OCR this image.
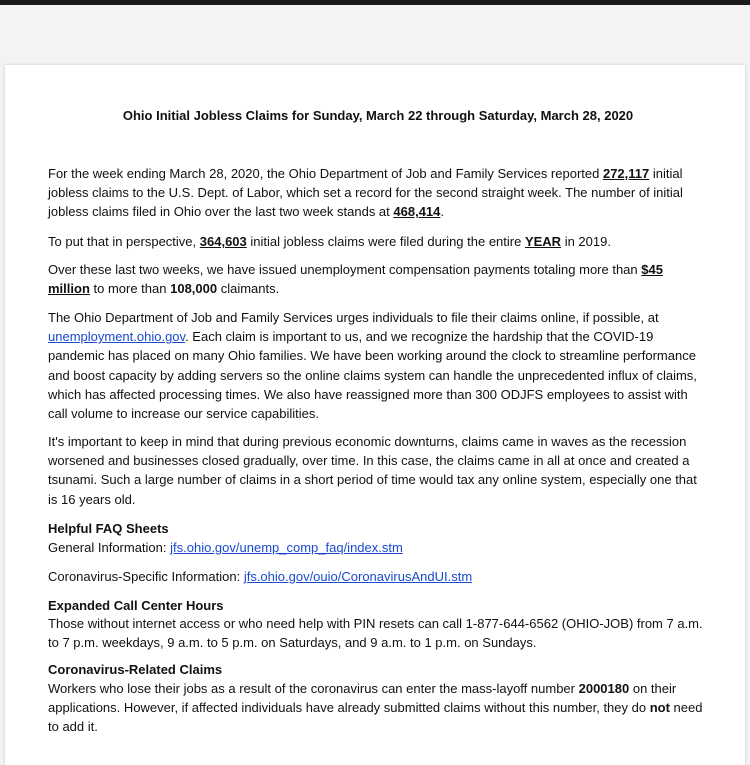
Ohio Initial Jobless Claims for Sunday, March 22 through Saturday, March 28, 2020

For the week ending March 28, 2020, the Ohio Department of Job and Family Services reported 272,117 initial jobless claims to the U.S. Dept. of Labor, which set a record for the second straight week. The number of initial jobless claims filed in Ohio over the last two week stands at 468,414.

To put that in perspective, 364,603 initial jobless claims were filed during the entire YEAR in 2019.

Over these last two weeks, we have issued unemployment compensation payments totaling more than $45 million to more than 108,000 claimants.

The Ohio Department of Job and Family Services urges individuals to file their claims online, if possible, at unemployment.ohio.gov. Each claim is important to us, and we recognize the hardship that the COVID-19 pandemic has placed on many Ohio families. We have been working around the clock to streamline performance and boost capacity by adding servers so the online claims system can handle the unprecedented influx of claims, which has affected processing times. We also have reassigned more than 300 ODJFS employees to assist with call volume to increase our service capabilities.

It's important to keep in mind that during previous economic downturns, claims came in waves as the recession worsened and businesses closed gradually, over time. In this case, the claims came in all at once and created a tsunami. Such a large number of claims in a short period of time would tax any online system, especially one that is 16 years old.

Helpful FAQ Sheets

General Information: jfs.ohio.gov/unemp_comp_faq/index.stm

Coronavirus-Specific Information: jfs.ohio.gov/ouio/CoronavirusAndUI.stm

Expanded Call Center Hours

Those without internet access or who need help with PIN resets can call 1-877-644-6562 (OHIO-JOB) from 7 a.m. to 7 p.m. weekdays, 9 a.m. to 5 p.m. on Saturdays, and 9 a.m. to 1 p.m. on Sundays.

Coronavirus-Related Claims

Workers who lose their jobs as a result of the coronavirus can enter the mass-layoff number 2000180 on their applications. However, if affected individuals have already submitted claims without this number, they do not need to add it.
